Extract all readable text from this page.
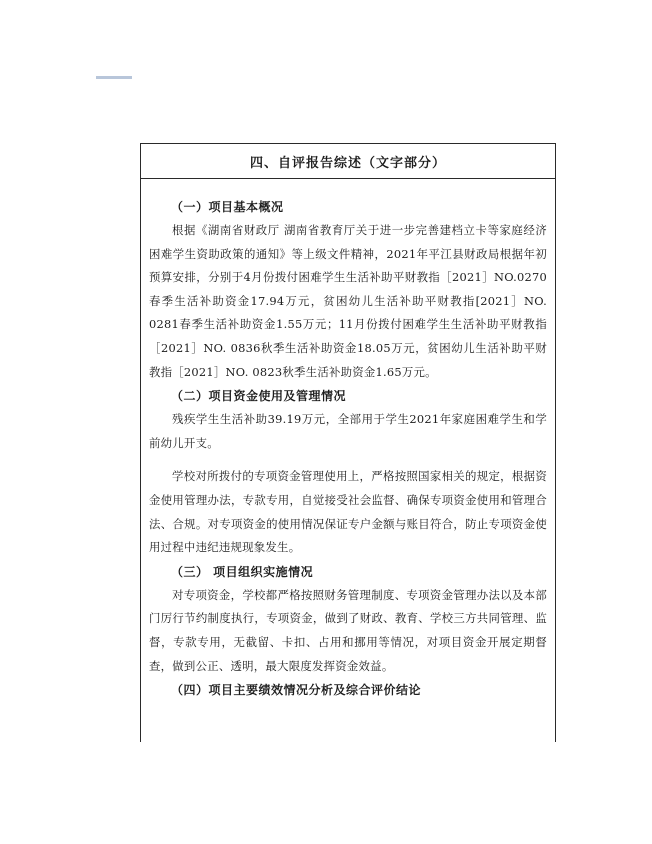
四、自评报告综述（文字部分）

（一）项目基本概况

根据《湖南省财政厅 湖南省教育厅关于进一步完善建档立卡等家庭经济困难学生资助政策的通知》等上级文件精神，2021年平江县财政局根据年初预算安排，分别于4月份拨付困难学生生活补助平财教指［2021］NO.0270春季生活补助资金17.94万元，贫困幼儿生活补助平财教指[2021］NO. 0281春季生活补助资金1.55万元；11月份拨付困难学生生活补助平财教指［2021］NO. 0836秋季生活补助资金18.05万元，贫困幼儿生活补助平财教指［2021］NO. 0823秋季生活补助资金1.65万元。

（二）项目资金使用及管理情况

残疾学生生活补助39.19万元，全部用于学生2021年家庭困难学生和学前幼儿开支。

学校对所拨付的专项资金管理使用上，严格按照国家相关的规定，根据资金使用管理办法，专款专用，自觉接受社会监督、确保专项资金使用和管理合法、合规。对专项资金的使用情况保证专户金额与账目符合，防止专项资金使用过程中违纪违规现象发生。

（三） 项目组织实施情况

对专项资金，学校都严格按照财务管理制度、专项资金管理办法以及本部门厉行节约制度执行，专项资金，做到了财政、教育、学校三方共同管理、监督，专款专用，无截留、卡扣、占用和挪用等情况，对项目资金开展定期督查，做到公正、透明，最大限度发挥资金效益。

（四）项目主要绩效情况分析及综合评价结论
